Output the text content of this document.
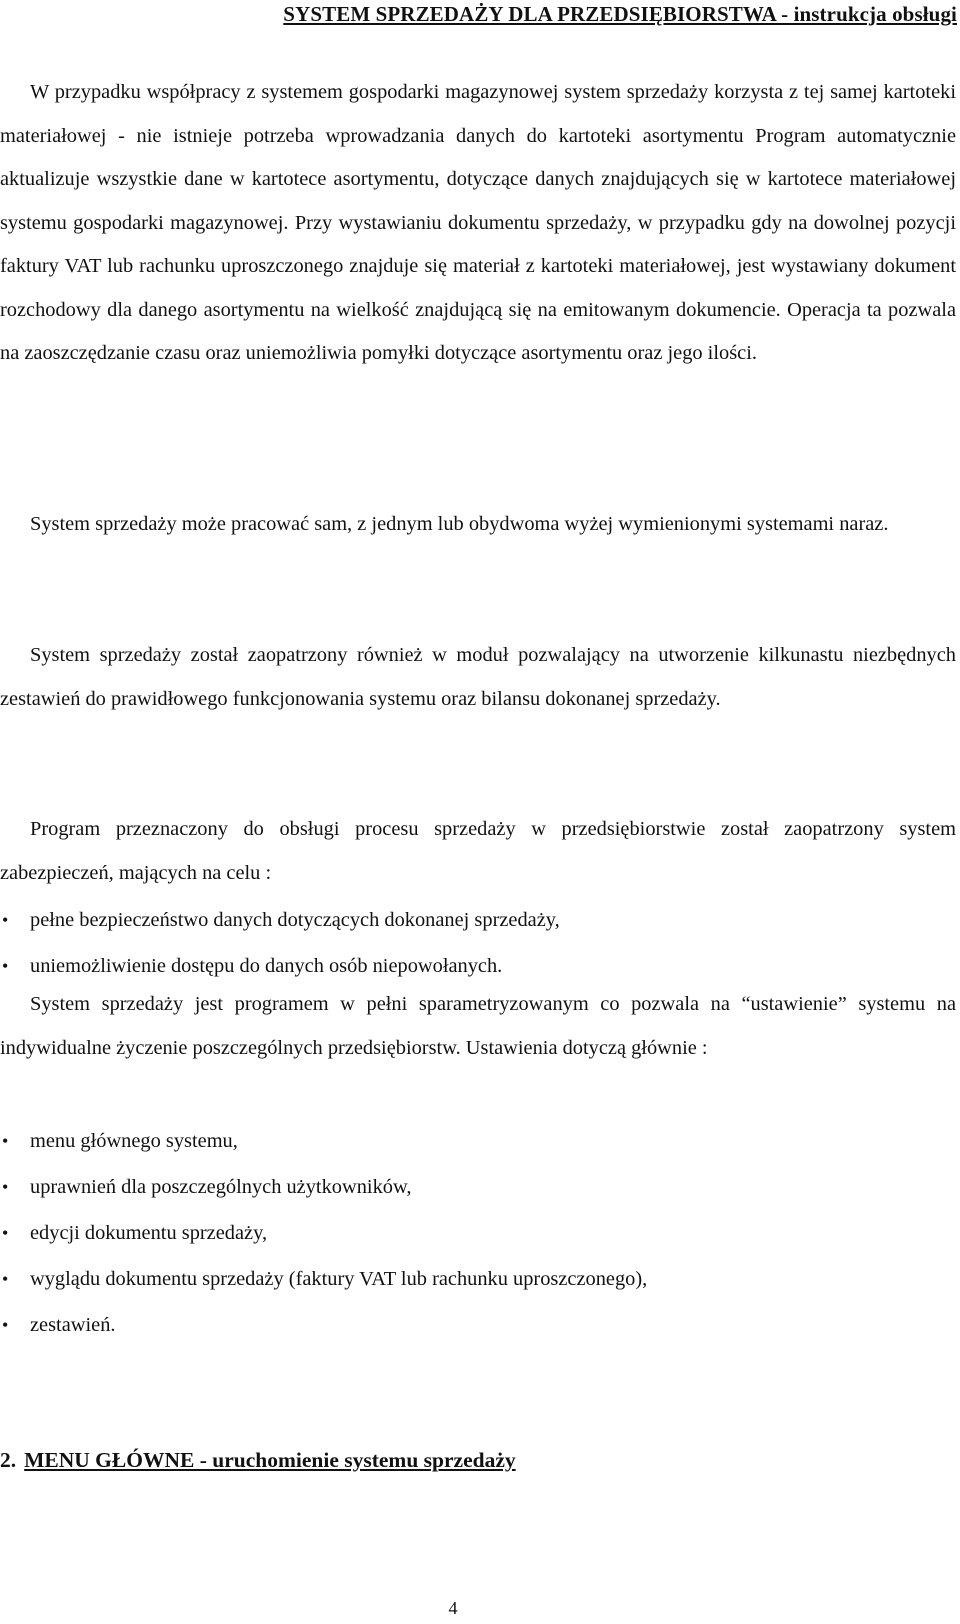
SYSTEM SPRZEDAŻY DLA PRZEDSIĘBIORSTWA - instrukcja obsługi

W przypadku współpracy z systemem gospodarki magazynowej system sprzedaży korzysta z tej samej kartoteki materiałowej - nie istnieje potrzeba wprowadzania danych do kartoteki asortymentu Program automatycznie aktualizuje wszystkie dane w kartotece asortymentu, dotyczące danych znajdujących się w kartotece materiałowej systemu gospodarki magazynowej. Przy wystawianiu dokumentu sprzedaży, w przypadku gdy na dowolnej pozycji faktury VAT lub rachunku uproszczonego znajduje się materiał z kartoteki materiałowej, jest wystawiany dokument rozchodowy dla danego asortymentu na wielkość znajdującą się na emitowanym dokumencie. Operacja ta pozwala na zaoszczędzanie czasu oraz uniemożliwia pomyłki dotyczące asortymentu oraz jego ilości.

System sprzedaży może pracować sam, z jednym lub obydwoma wyżej wymienionymi systemami naraz.

System sprzedaży został zaopatrzony również w moduł pozwalający na utworzenie kilkunastu niezbędnych zestawień do prawidłowego funkcjonowania systemu oraz bilansu dokonanej sprzedaży.

Program przeznaczony do obsługi procesu sprzedaży w przedsiębiorstwie został zaopatrzony system zabezpieczeń, mających na celu :

• pełne bezpieczeństwo danych dotyczących dokonanej sprzedaży,
• uniemożliwienie dostępu do danych osób niepowołanych.

System sprzedaży jest programem w pełni sparametryzowanym co pozwala na “ustawienie” systemu na indywidualne życzenie poszczególnych przedsiębiorstw. Ustawienia dotyczą głównie :

• menu głównego systemu,
• uprawnień dla poszczególnych użytkowników,
• edycji dokumentu sprzedaży,
• wyglądu dokumentu sprzedaży (faktury VAT lub rachunku uproszczonego),
• zestawień.
2. MENU GŁÓWNE - uruchomienie systemu sprzedaży
4
